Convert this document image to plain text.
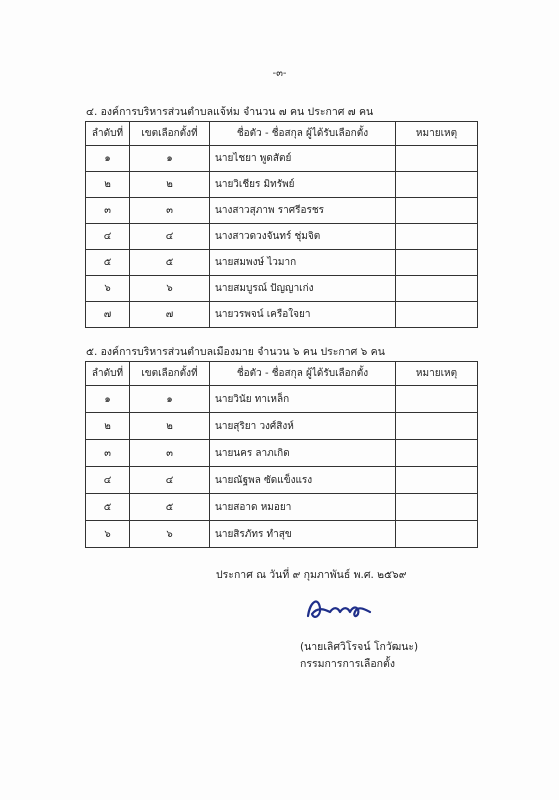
-๓-
๔. องค์การบริหารส่วนตำบลแจ้ห่ม จำนวน ๗ คน ประกาศ ๗ คน
ลำดับที่	เขตเลือกตั้งที่	ชื่อตัว - ชื่อสกุล ผู้ได้รับเลือกตั้ง	หมายเหตุ
๑	๑	นายไชยา พูดสัตย์	
๒	๒	นายวิเชียร มิทรัพย์	
๓	๓	นางสาวสุภาพ ราศรีอรชร	
๔	๔	นางสาวดวงจันทร์ ชุ่มจิต	
๕	๕	นายสมพงษ์ ไวมาก	
๖	๖	นายสมบูรณ์ ปัญญาเก่ง	
๗	๗	นายวรพจน์ เครือใจยา	
๕. องค์การบริหารส่วนตำบลเมืองมาย จำนวน ๖ คน ประกาศ ๖ คน
ลำดับที่	เขตเลือกตั้งที่	ชื่อตัว - ชื่อสกุล ผู้ได้รับเลือกตั้ง	หมายเหตุ
๑	๑	นายวินัย ทาเหล็ก	
๒	๒	นายสุริยา วงศ์สิงห์	
๓	๓	นายนคร ลาภเกิด	
๔	๔	นายณัฐพล ซัดแข็งแรง	
๕	๕	นายสอาด หมอยา	
๖	๖	นายสิรภัทร ทำสุข	
ประกาศ ณ วันที่ ๙ กุมภาพันธ์ พ.ศ. ๒๕๖๙
(นายเลิศวิโรจน์ โกวัฒนะ)
กรรมการการเลือกตั้ง
